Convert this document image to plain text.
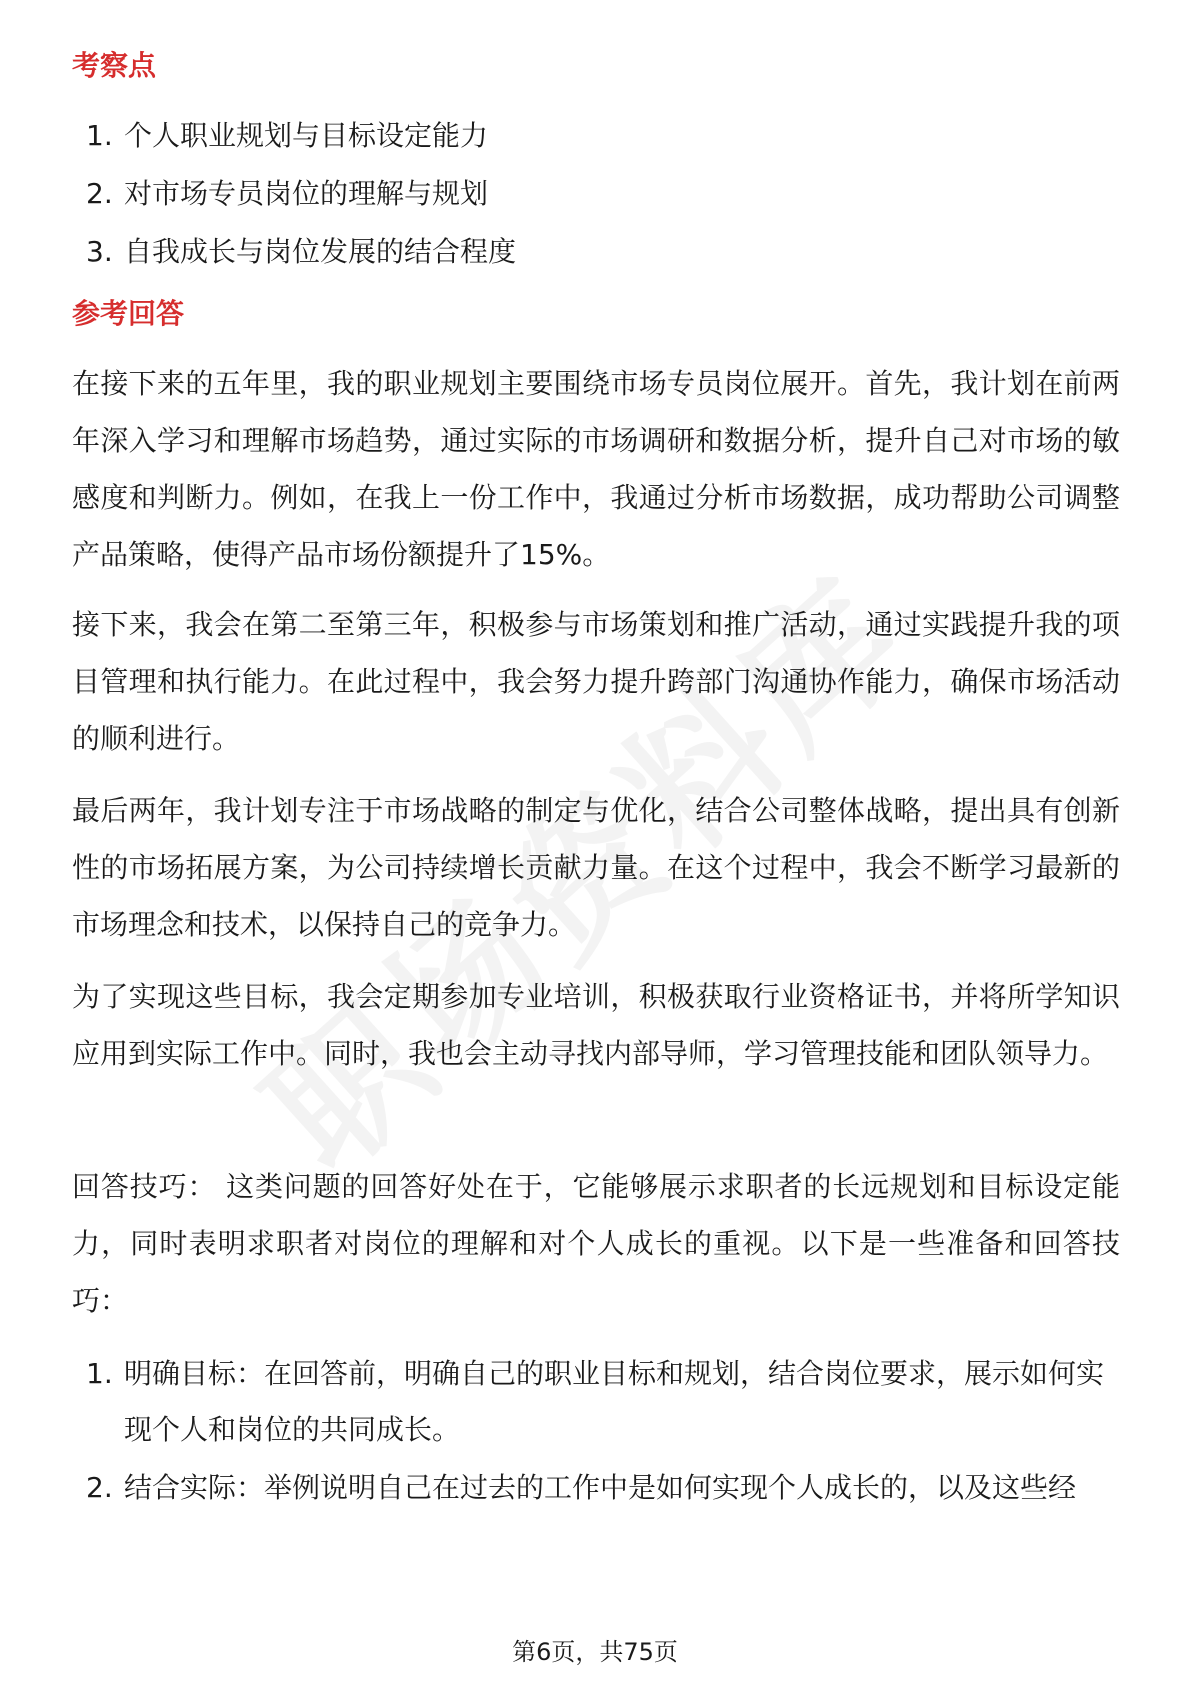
考察点
1. 个人职业规划与目标设定能力
2. 对市场专员岗位的理解与规划
3. 自我成长与岗位发展的结合程度
参考回答

在接下来的五年里，我的职业规划主要围绕市场专员岗位展开。首先，我计划在前两年深入学习和理解市场趋势，通过实际的市场调研和数据分析，提升自己对市场的敏感度和判断力。例如，在我上一份工作中，我通过分析市场数据，成功帮助公司调整产品策略，使得产品市场份额提升了15%。

接下来，我会在第二至第三年，积极参与市场策划和推广活动，通过实践提升我的项目管理和执行能力。在此过程中，我会努力提升跨部门沟通协作能力，确保市场活动的顺利进行。

最后两年，我计划专注于市场战略的制定与优化，结合公司整体战略，提出具有创新性的市场拓展方案，为公司持续增长贡献力量。在这个过程中，我会不断学习最新的市场理念和技术，以保持自己的竞争力。

为了实现这些目标，我会定期参加专业培训，积极获取行业资格证书，并将所学知识应用到实际工作中。同时，我也会主动寻找内部导师，学习管理技能和团队领导力。

回答技巧： 这类问题的回答好处在于，它能够展示求职者的长远规划和目标设定能力，同时表明求职者对岗位的理解和对个人成长的重视。以下是一些准备和回答技巧：

1. 明确目标：在回答前，明确自己的职业目标和规划，结合岗位要求，展示如何实现个人和岗位的共同成长。
2. 结合实际：举例说明自己在过去的工作中是如何实现个人成长的，以及这些经
第6页，共75页
